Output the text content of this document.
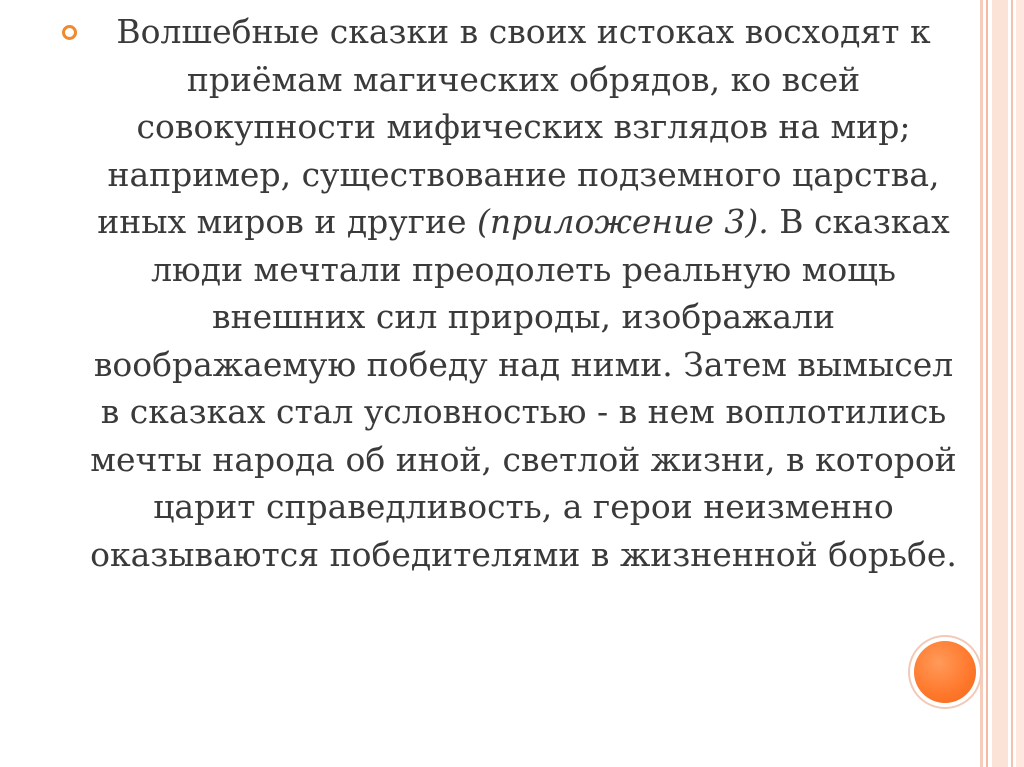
Волшебные сказки в своих истоках восходят к приёмам магических обрядов, ко всей совокупности мифических взглядов на мир; например, существование подземного царства, иных миров и другие (приложение 3). В сказках люди мечтали преодолеть реальную мощь внешних сил природы, изображали воображаемую победу над ними. Затем вымысел в сказках стал условностью - в нем воплотились мечты народа об иной, светлой жизни, в которой царит справедливость, а герои неизменно оказываются победителями в жизненной борьбе.
